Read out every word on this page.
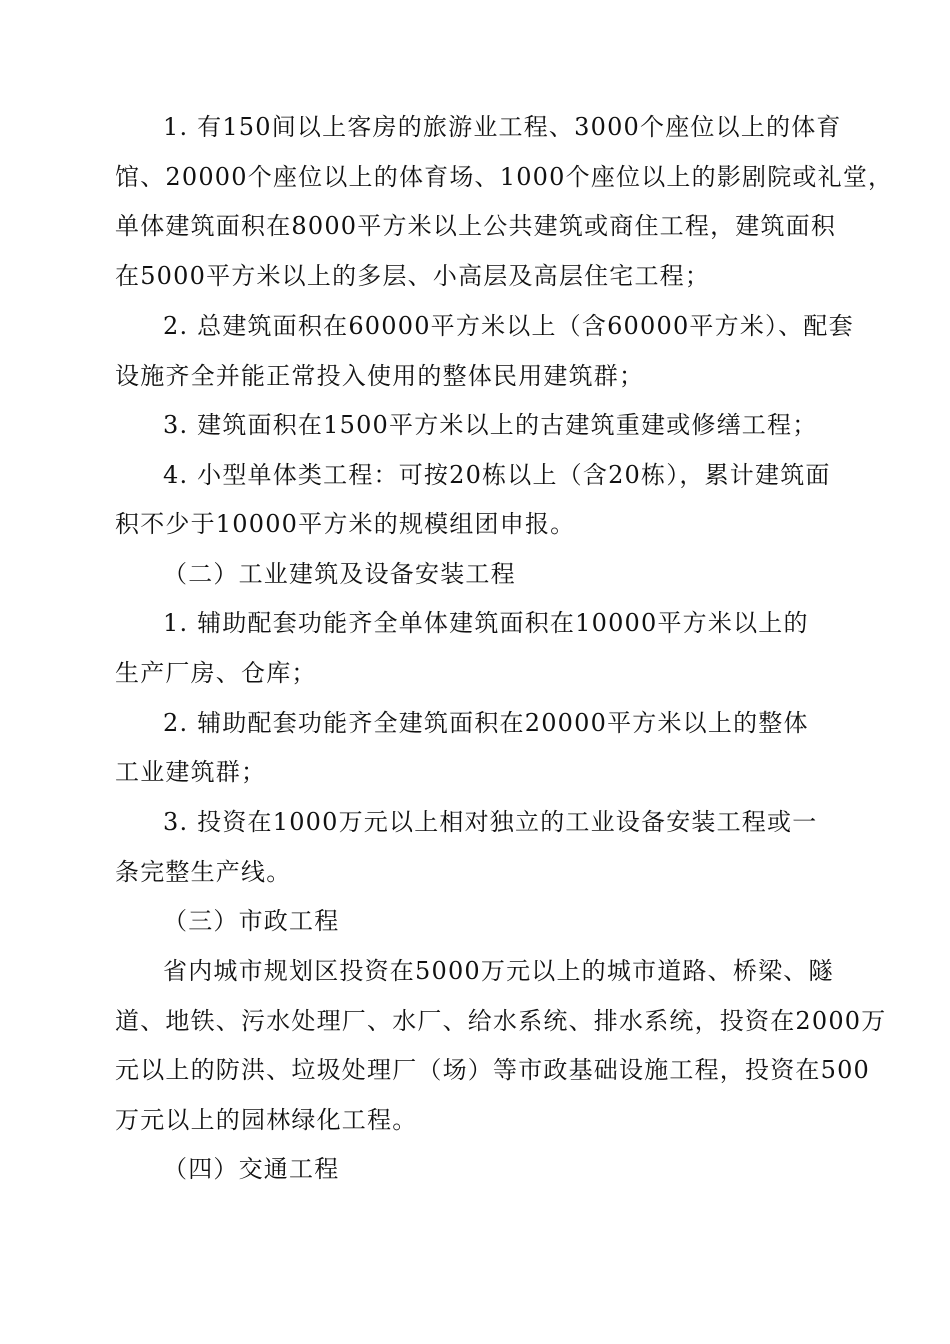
1. 有150间以上客房的旅游业工程、3000个座位以上的体育
馆、20000个座位以上的体育场、1000个座位以上的影剧院或礼堂，
单体建筑面积在8000平方米以上公共建筑或商住工程，建筑面积
在5000平方米以上的多层、小高层及高层住宅工程；
2. 总建筑面积在60000平方米以上（含60000平方米）、配套
设施齐全并能正常投入使用的整体民用建筑群；
3. 建筑面积在1500平方米以上的古建筑重建或修缮工程；
4. 小型单体类工程：可按20栋以上（含20栋），累计建筑面
积不少于10000平方米的规模组团申报。
（二）工业建筑及设备安装工程
1. 辅助配套功能齐全单体建筑面积在10000平方米以上的
生产厂房、仓库；
2. 辅助配套功能齐全建筑面积在20000平方米以上的整体
工业建筑群；
3. 投资在1000万元以上相对独立的工业设备安装工程或一
条完整生产线。
（三）市政工程
省内城市规划区投资在5000万元以上的城市道路、桥梁、隧
道、地铁、污水处理厂、水厂、给水系统、排水系统，投资在2000万
元以上的防洪、垃圾处理厂（场）等市政基础设施工程，投资在500
万元以上的园林绿化工程。
（四）交通工程
